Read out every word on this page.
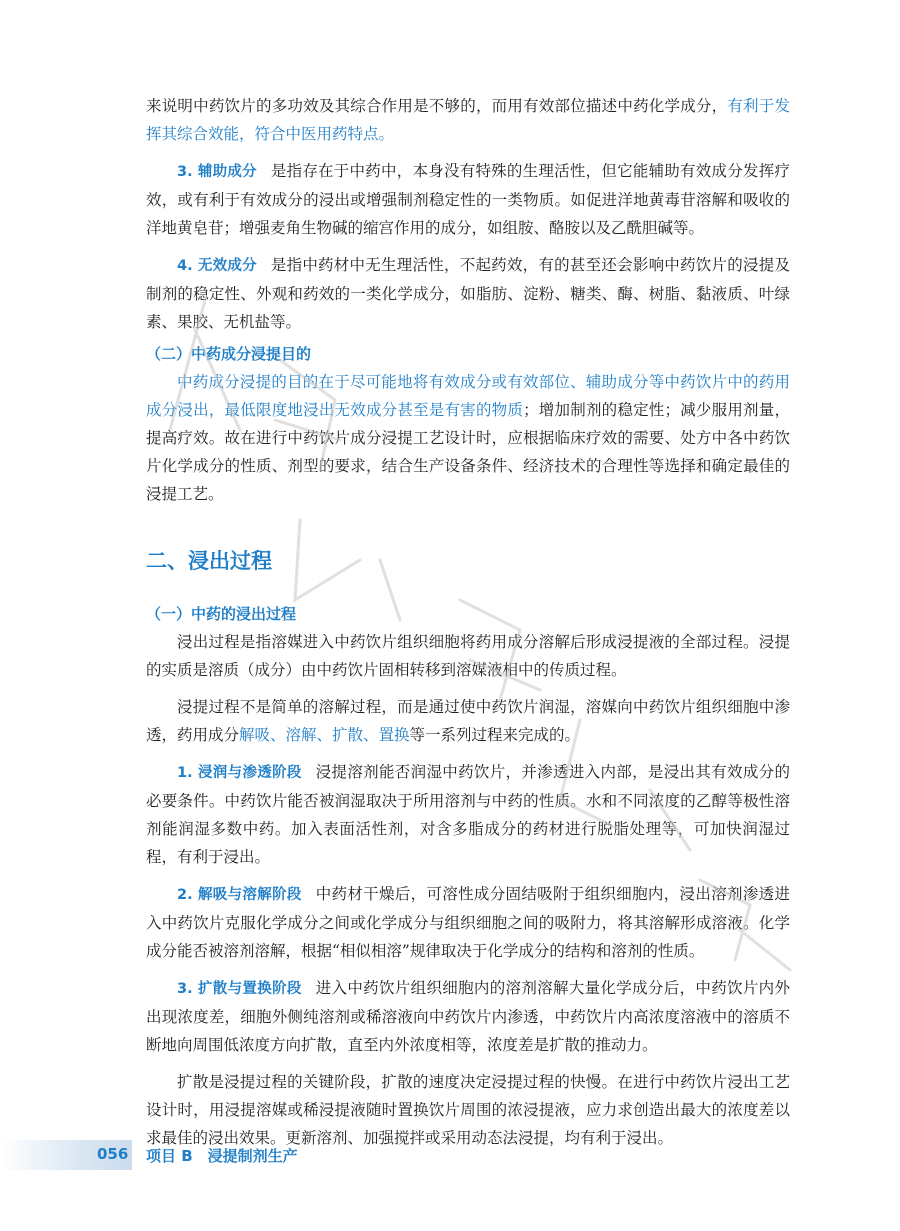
来说明中药饮片的多功效及其综合作用是不够的，而用有效部位描述中药化学成分，有利于发挥其综合效能，符合中医用药特点。

3. 辅助成分 是指存在于中药中，本身没有特殊的生理活性，但它能辅助有效成分发挥疗效，或有利于有效成分的浸出或增强制剂稳定性的一类物质。如促进洋地黄毒苷溶解和吸收的洋地黄皂苷；增强麦角生物碱的缩宫作用的成分，如组胺、酪胺以及乙酰胆碱等。

4. 无效成分 是指中药材中无生理活性，不起药效，有的甚至还会影响中药饮片的浸提及制剂的稳定性、外观和药效的一类化学成分，如脂肪、淀粉、糖类、酶、树脂、黏液质、叶绿素、果胶、无机盐等。

（二）中药成分浸提目的

中药成分浸提的目的在于尽可能地将有效成分或有效部位、辅助成分等中药饮片中的药用成分浸出，最低限度地浸出无效成分甚至是有害的物质；增加制剂的稳定性；减少服用剂量，提高疗效。故在进行中药饮片成分浸提工艺设计时，应根据临床疗效的需要、处方中各中药饮片化学成分的性质、剂型的要求，结合生产设备条件、经济技术的合理性等选择和确定最佳的浸提工艺。

二、浸出过程

（一）中药的浸出过程

浸出过程是指溶媒进入中药饮片组织细胞将药用成分溶解后形成浸提液的全部过程。浸提的实质是溶质（成分）由中药饮片固相转移到溶媒液相中的传质过程。

浸提过程不是简单的溶解过程，而是通过使中药饮片润湿，溶媒向中药饮片组织细胞中渗透，药用成分解吸、溶解、扩散、置换等一系列过程来完成的。

1. 浸润与渗透阶段 浸提溶剂能否润湿中药饮片，并渗透进入内部，是浸出其有效成分的必要条件。中药饮片能否被润湿取决于所用溶剂与中药的性质。水和不同浓度的乙醇等极性溶剂能润湿多数中药。加入表面活性剂，对含多脂成分的药材进行脱脂处理等，可加快润湿过程，有利于浸出。

2. 解吸与溶解阶段 中药材干燥后，可溶性成分固结吸附于组织细胞内，浸出溶剂渗透进入中药饮片克服化学成分之间或化学成分与组织细胞之间的吸附力，将其溶解形成溶液。化学成分能否被溶剂溶解，根据“相似相溶”规律取决于化学成分的结构和溶剂的性质。

3. 扩散与置换阶段 进入中药饮片组织细胞内的溶剂溶解大量化学成分后，中药饮片内外出现浓度差，细胞外侧纯溶剂或稀溶液向中药饮片内渗透，中药饮片内高浓度溶液中的溶质不断地向周围低浓度方向扩散，直至内外浓度相等，浓度差是扩散的推动力。

扩散是浸提过程的关键阶段，扩散的速度决定浸提过程的快慢。在进行中药饮片浸出工艺设计时，用浸提溶媒或稀浸提液随时置换饮片周围的浓浸提液，应力求创造出最大的浓度差以求最佳的浸出效果。更新溶剂、加强搅拌或采用动态法浸提，均有利于浸出。

056 项目 B　浸提制剂生产
